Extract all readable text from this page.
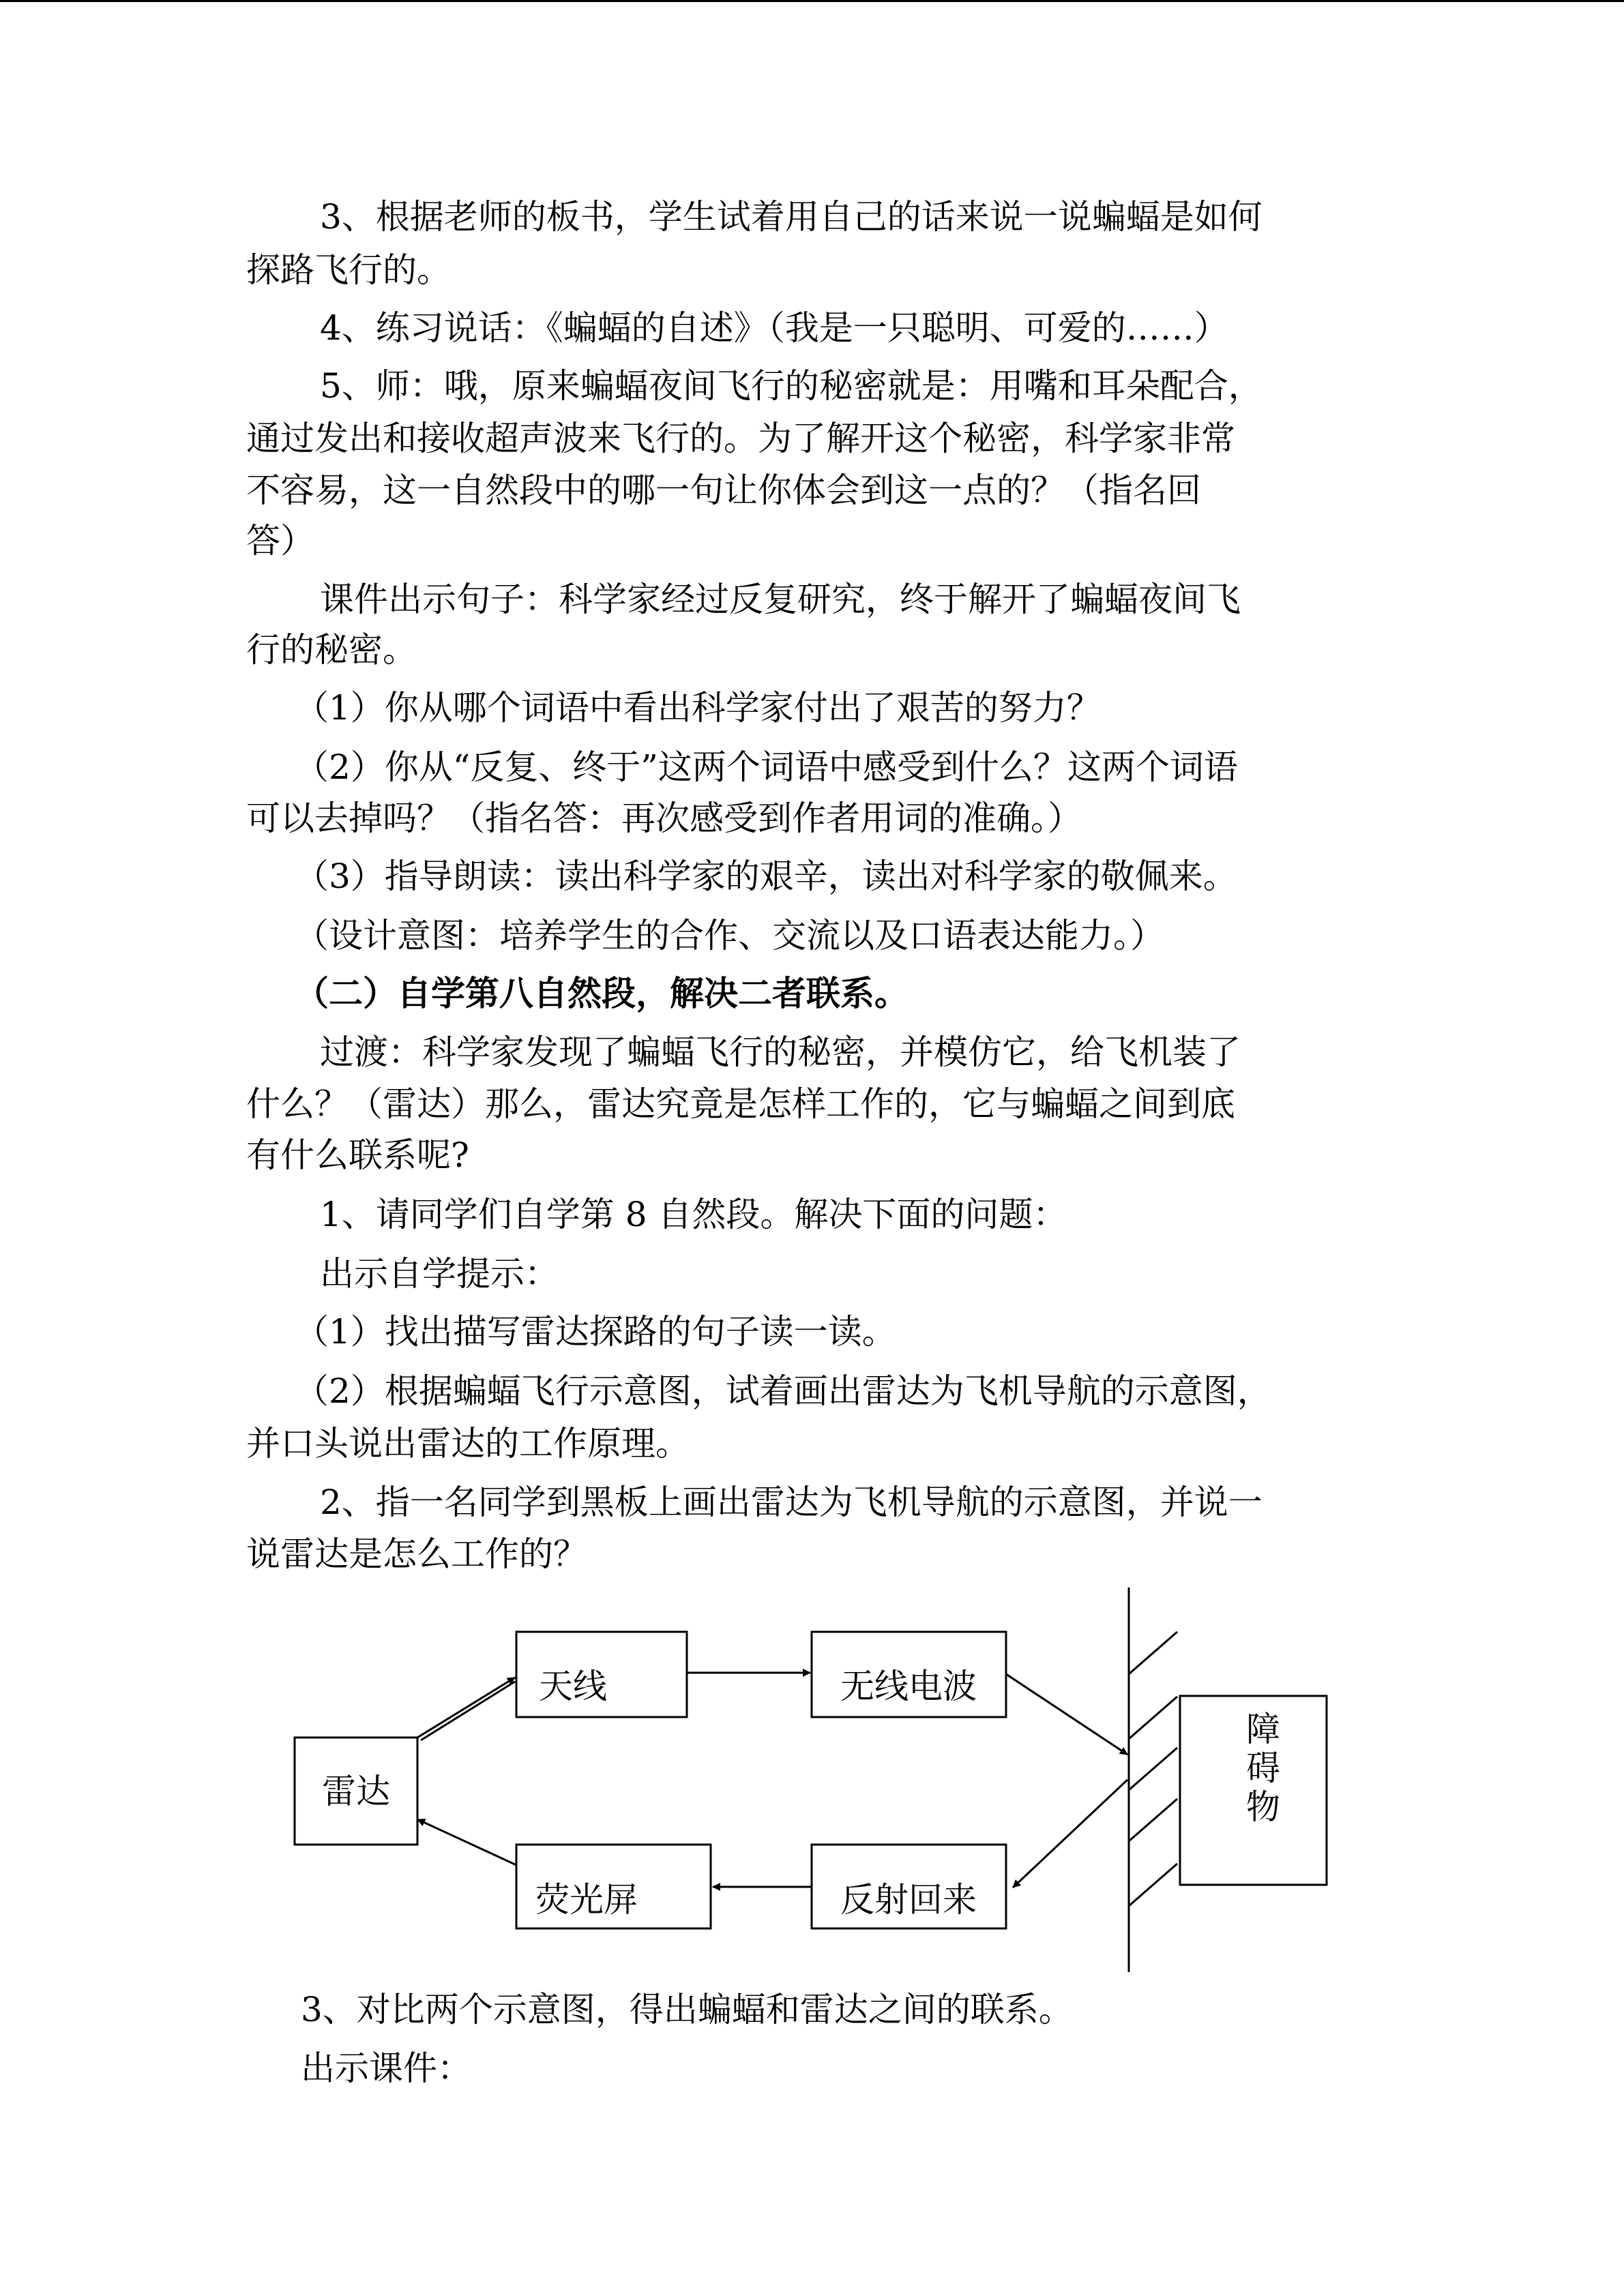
3、根据老师的板书，学生试着用自己的话来说一说蝙蝠是如何
探路飞行的。
4、练习说话：《蝙蝠的自述》（我是一只聪明、可爱的……）
5、师：哦，原来蝙蝠夜间飞行的秘密就是：用嘴和耳朵配合，
通过发出和接收超声波来飞行的。为了解开这个秘密，科学家非常
不容易，这一自然段中的哪一句让你体会到这一点的？（指名回
答）
课件出示句子：科学家经过反复研究，终于解开了蝙蝠夜间飞
行的秘密。
（1）你从哪个词语中看出科学家付出了艰苦的努力？
（2）你从“反复、终于”这两个词语中感受到什么？这两个词语
可以去掉吗？（指名答：再次感受到作者用词的准确。）
（3）指导朗读：读出科学家的艰辛，读出对科学家的敬佩来。
（设计意图：培养学生的合作、交流以及口语表达能力。）
（二）自学第八自然段，解决二者联系。
过渡：科学家发现了蝙蝠飞行的秘密，并模仿它，给飞机装了
什么？（雷达）那么，雷达究竟是怎样工作的，它与蝙蝠之间到底
有什么联系呢?
1、请同学们自学第 8 自然段。解决下面的问题：
出示自学提示：
（1）找出描写雷达探路的句子读一读。
（2）根据蝙蝠飞行示意图，试着画出雷达为飞机导航的示意图，
并口头说出雷达的工作原理。
2、指一名同学到黑板上画出雷达为飞机导航的示意图，并说一
说雷达是怎么工作的？
3、对比两个示意图，得出蝙蝠和雷达之间的联系。
出示课件：
雷达
天线	无线电波
障
碍
物
荧光屏	反射回来
